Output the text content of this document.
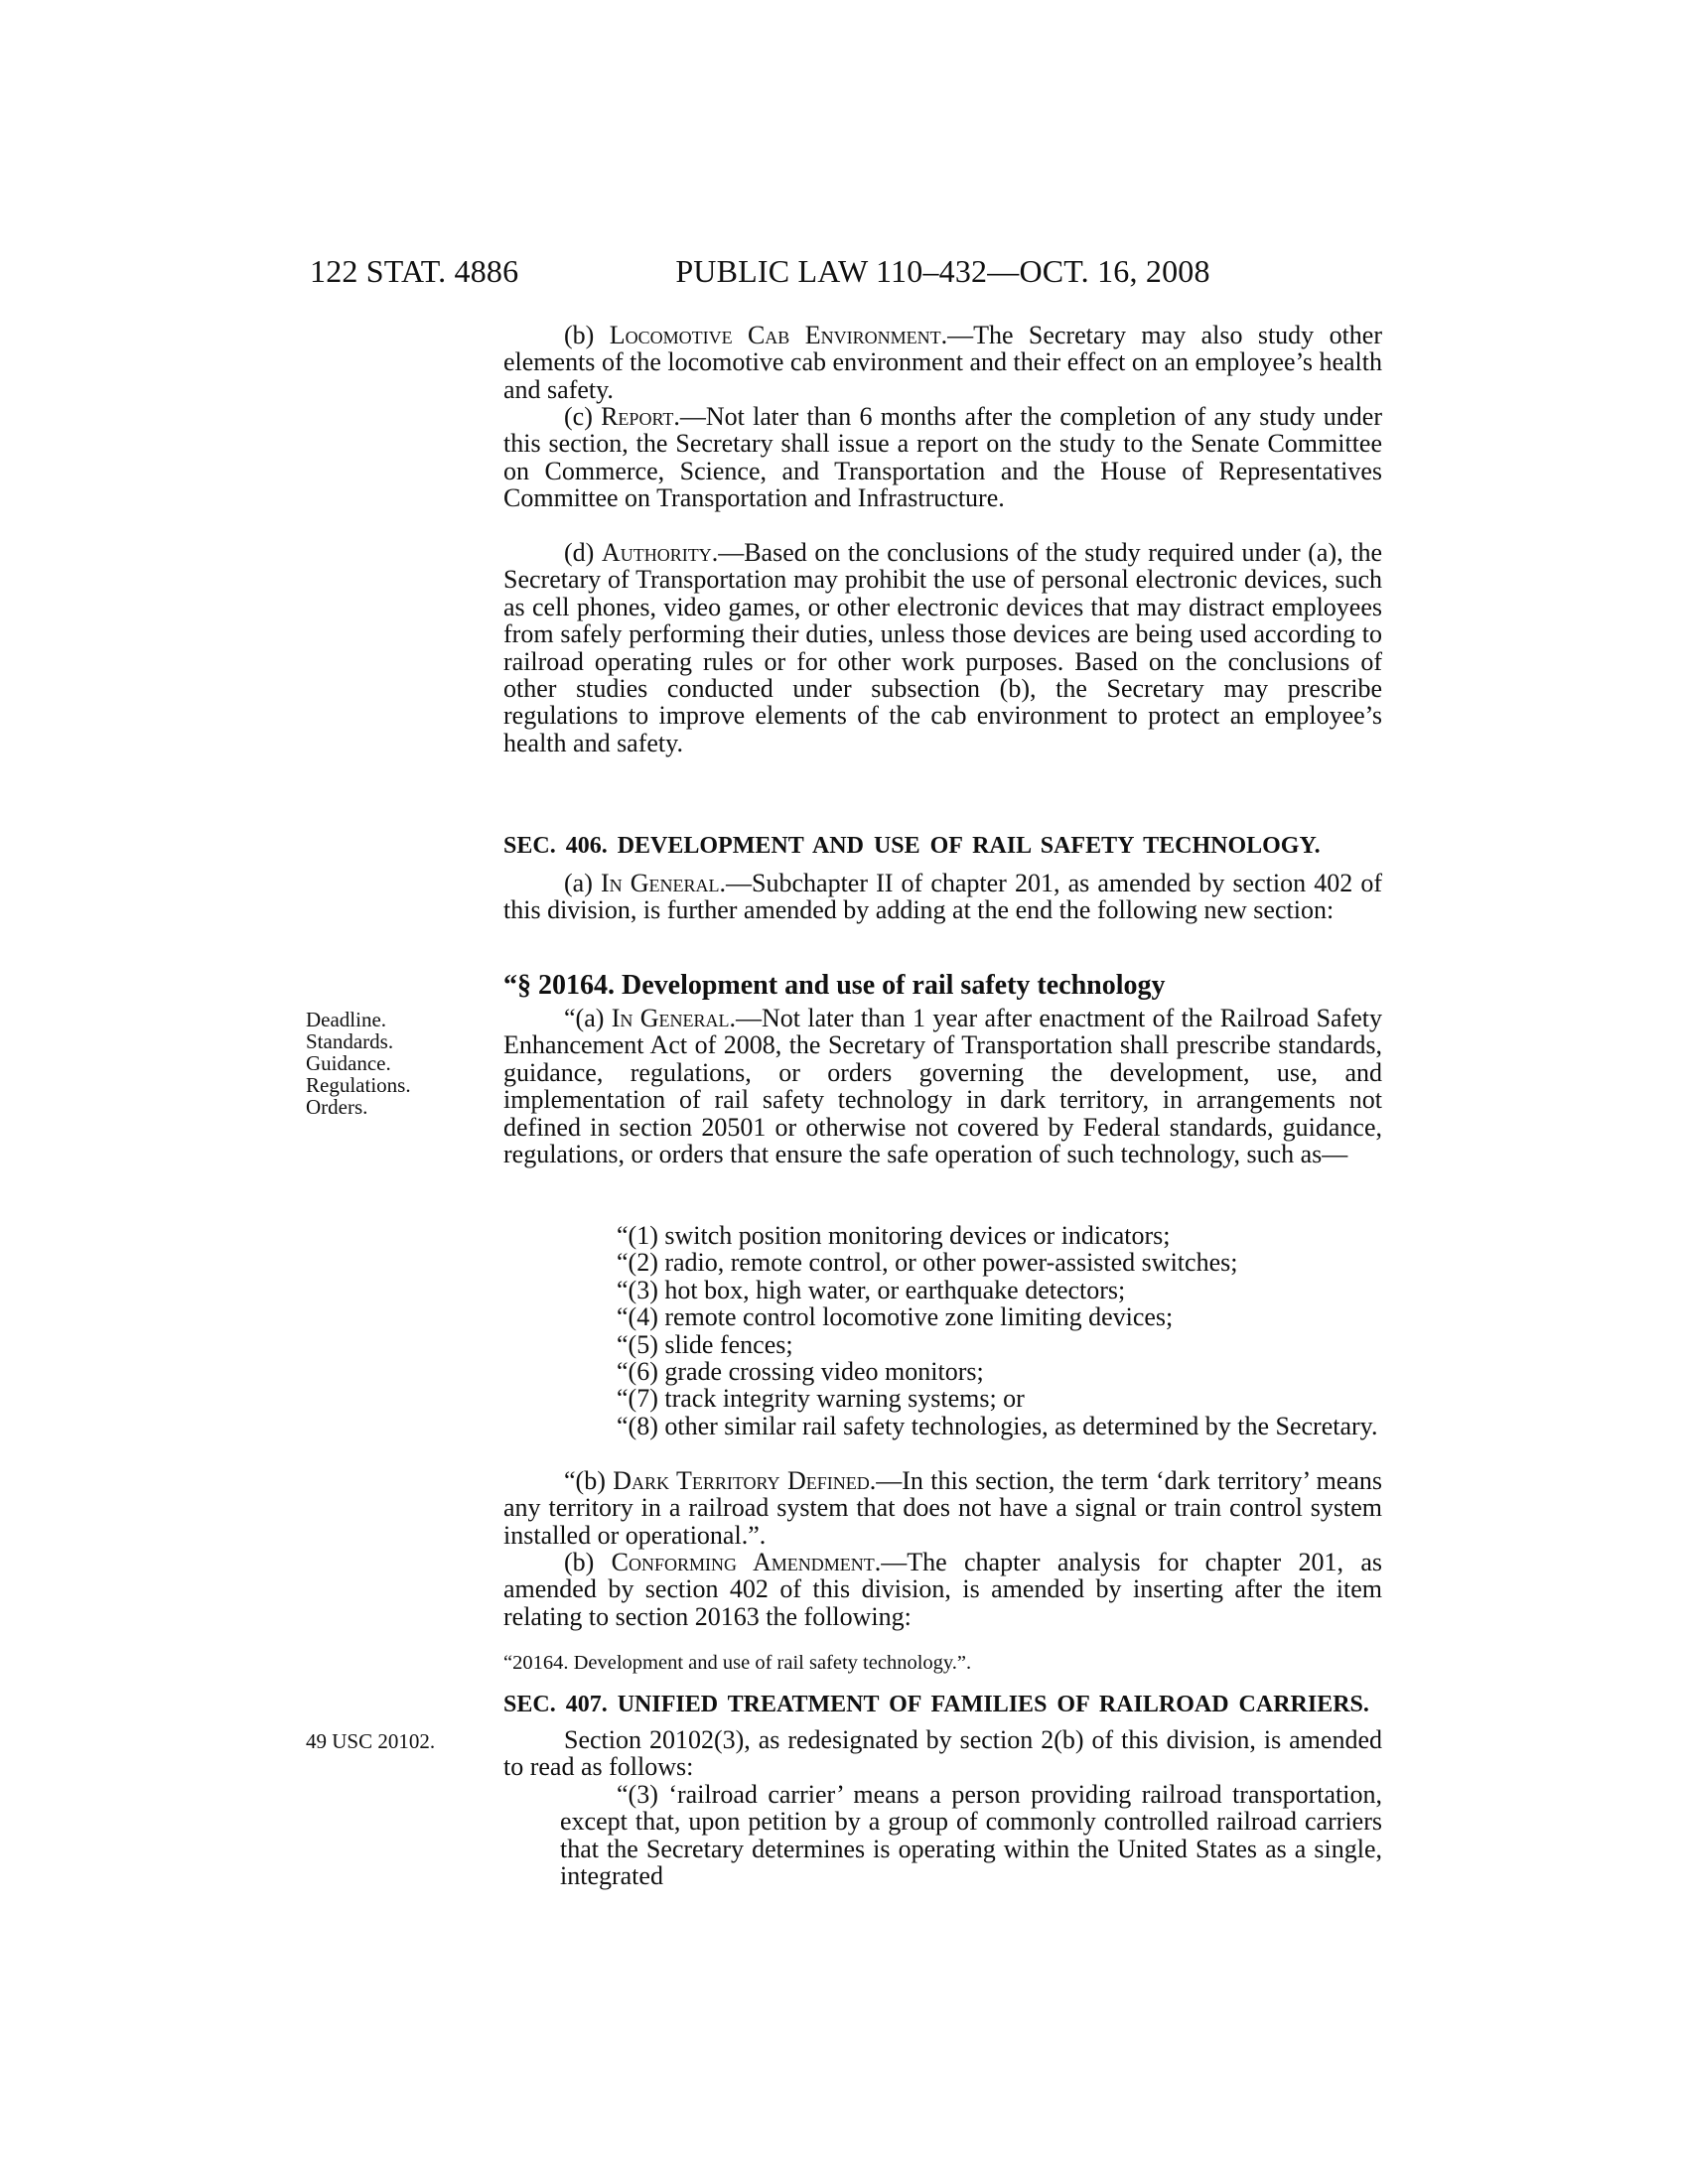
122 STAT. 4886	PUBLIC LAW 110–432—OCT. 16, 2008
Deadline.
Standards.
Guidance.
Regulations.
Orders.
49 USC 20102.

(b) Locomotive Cab Environment.—The Secretary may also study other elements of the locomotive cab environment and their effect on an employee’s health and safety.

(c) Report.—Not later than 6 months after the completion of any study under this section, the Secretary shall issue a report on the study to the Senate Committee on Commerce, Science, and Transportation and the House of Representatives Committee on Transportation and Infrastructure.

(d) Authority.—Based on the conclusions of the study required under (a), the Secretary of Transportation may prohibit the use of personal electronic devices, such as cell phones, video games, or other electronic devices that may distract employees from safely performing their duties, unless those devices are being used according to railroad operating rules or for other work purposes. Based on the conclusions of other studies conducted under subsection (b), the Secretary may prescribe regulations to improve elements of the cab environment to protect an employee’s health and safety.

SEC. 406. DEVELOPMENT AND USE OF RAIL SAFETY TECHNOLOGY.

(a) In General.—Subchapter II of chapter 201, as amended by section 402 of this division, is further amended by adding at the end the following new section:

“§ 20164. Development and use of rail safety technology

“(a) In General.—Not later than 1 year after enactment of the Railroad Safety Enhancement Act of 2008, the Secretary of Transportation shall prescribe standards, guidance, regulations, or orders governing the development, use, and implementation of rail safety technology in dark territory, in arrangements not defined in section 20501 or otherwise not covered by Federal standards, guidance, regulations, or orders that ensure the safe operation of such technology, such as—

“(1) switch position monitoring devices or indicators;

“(2) radio, remote control, or other power-assisted switches;

“(3) hot box, high water, or earthquake detectors;

“(4) remote control locomotive zone limiting devices;

“(5) slide fences;

“(6) grade crossing video monitors;

“(7) track integrity warning systems; or

“(8) other similar rail safety technologies, as determined by the Secretary.

“(b) Dark Territory Defined.—In this section, the term ‘dark territory’ means any territory in a railroad system that does not have a signal or train control system installed or operational.”.

(b) Conforming Amendment.—The chapter analysis for chapter 201, as amended by section 402 of this division, is amended by inserting after the item relating to section 20163 the following:

“20164. Development and use of rail safety technology.”.

SEC. 407. UNIFIED TREATMENT OF FAMILIES OF RAILROAD CARRIERS.

Section 20102(3), as redesignated by section 2(b) of this division, is amended to read as follows:

“(3) ‘railroad carrier’ means a person providing railroad transportation, except that, upon petition by a group of commonly controlled railroad carriers that the Secretary determines is operating within the United States as a single, integrated
